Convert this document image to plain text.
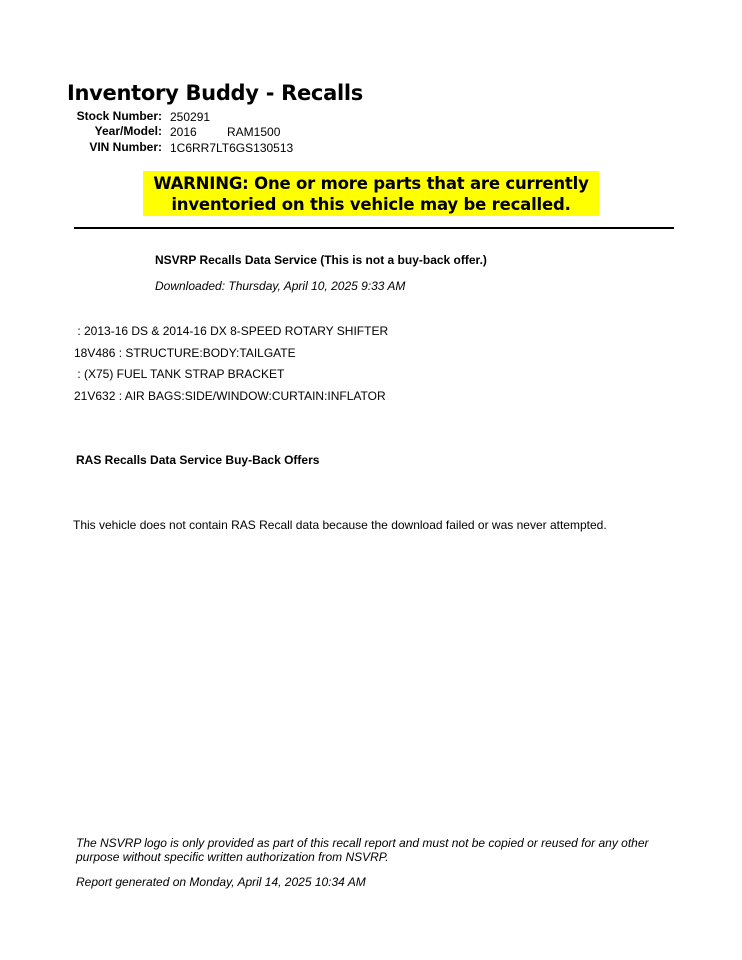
Inventory Buddy - Recalls
Stock Number: 250291
Year/Model: 2016	RAM1500
VIN Number: 1C6RR7LT6GS130513
WARNING: One or more parts that are currently inventoried on this vehicle may be recalled.
NSVRP Recalls Data Service (This is not a buy-back offer.)
Downloaded: Thursday, April 10, 2025 9:33 AM
: 2013-16 DS & 2014-16 DX 8-SPEED ROTARY SHIFTER
18V486 : STRUCTURE:BODY:TAILGATE
: (X75) FUEL TANK STRAP BRACKET
21V632 : AIR BAGS:SIDE/WINDOW:CURTAIN:INFLATOR
RAS Recalls Data Service Buy-Back Offers
This vehicle does not contain RAS Recall data because the download failed or was never attempted.
The NSVRP logo is only provided as part of this recall report and must not be copied or reused for any other purpose without specific written authorization from NSVRP.
Report generated on Monday, April 14, 2025 10:34 AM
